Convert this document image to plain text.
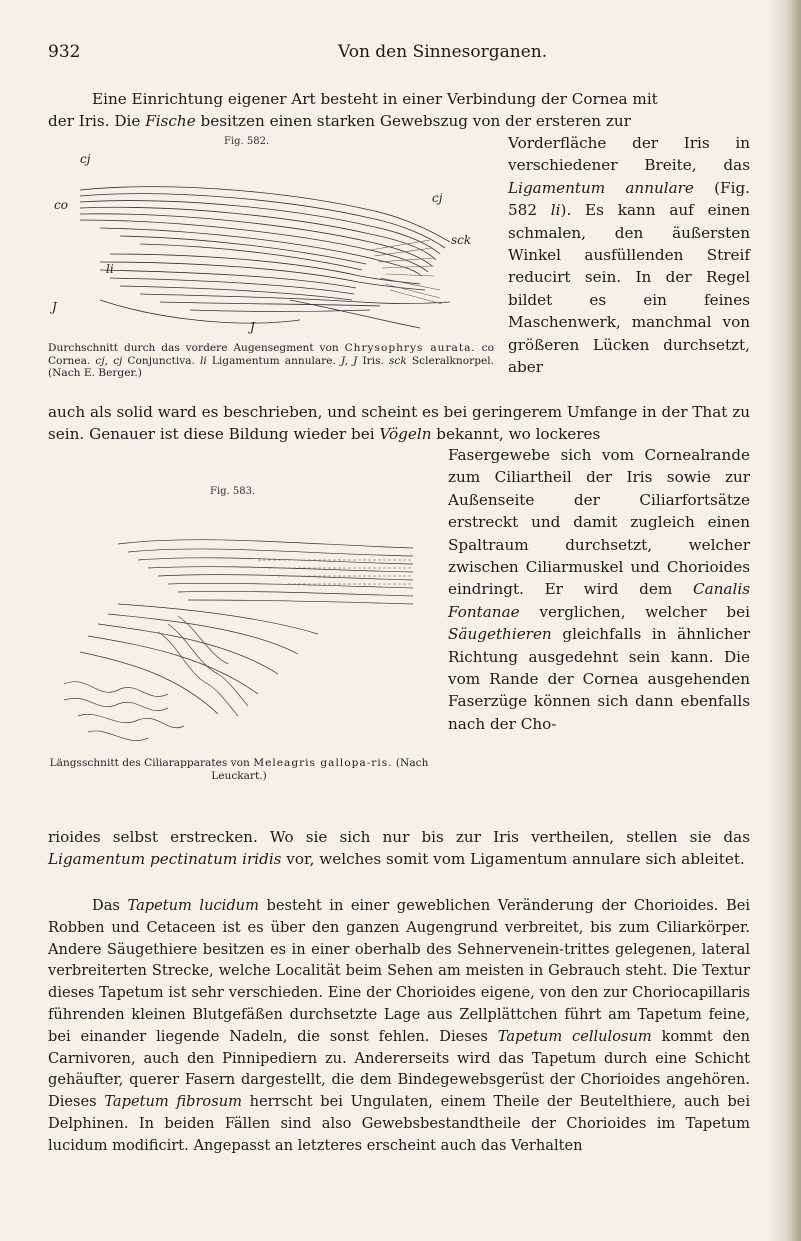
932	Von den Sinnesorganen.

Eine Einrichtung eigener Art besteht in einer Verbindung der Cornea mit

der Iris. Die Fische besitzen einen starken Gewebszug von der ersteren zur

Fig. 582.
cj
co	cj
sck
li
J
J
Durchschnitt durch das vordere Augensegment von Chrysophrys aurata. co Cornea. cj, cj Conjunctiva. li Ligamentum annulare. J, J Iris. sck Scleralknorpel. (Nach E. Berger.)

Vorderfläche der Iris in verschiedener Breite, das Ligamentum annulare (Fig. 582 li). Es kann auf einen schmalen, den äußersten Winkel ausfüllenden Streif reducirt sein. In der Regel bildet es ein feines Maschenwerk, manchmal von größeren Lücken durchsetzt, aber

auch als solid ward es beschrieben, und scheint es bei geringerem Umfange in der That zu sein. Genauer ist diese Bildung wieder bei Vögeln bekannt, wo lockeres

Fig. 583.
Längsschnitt des Ciliarapparates von Meleagris gallopa-ris. (Nach Leuckart.)

Fasergewebe sich vom Cornealrande zum Ciliartheil der Iris sowie zur Außenseite der Ciliarfortsätze erstreckt und damit zugleich einen Spaltraum durchsetzt, welcher zwischen Ciliarmuskel und Chorioides eindringt. Er wird dem Canalis Fontanae verglichen, welcher bei Säugethieren gleichfalls in ähnlicher Richtung ausgedehnt sein kann. Die vom Rande der Cornea ausgehenden Faserzüge können sich dann ebenfalls nach der Cho-

rioides selbst erstrecken. Wo sie sich nur bis zur Iris vertheilen, stellen sie das Ligamentum pectinatum iridis vor, welches somit vom Ligamentum annulare sich ableitet.

Das Tapetum lucidum besteht in einer geweblichen Veränderung der Chorioides. Bei Robben und Cetaceen ist es über den ganzen Augengrund verbreitet, bis zum Ciliarkörper. Andere Säugethiere besitzen es in einer oberhalb des Sehnervenein-trittes gelegenen, lateral verbreiterten Strecke, welche Localität beim Sehen am meisten in Gebrauch steht. Die Textur dieses Tapetum ist sehr verschieden. Eine der Chorioides eigene, von den zur Choriocapillaris führenden kleinen Blutgefäßen durchsetzte Lage aus Zellplättchen führt am Tapetum feine, bei einander liegende Nadeln, die sonst fehlen. Dieses Tapetum cellulosum kommt den Carnivoren, auch den Pinnipediern zu. Andererseits wird das Tapetum durch eine Schicht gehäufter, querer Fasern dargestellt, die dem Bindegewebsgerüst der Chorioides angehören. Dieses Tapetum fibrosum herrscht bei Ungulaten, einem Theile der Beutelthiere, auch bei Delphinen. In beiden Fällen sind also Gewebsbestandtheile der Chorioides im Tapetum lucidum modificirt. Angepasst an letzteres erscheint auch das Verhalten
